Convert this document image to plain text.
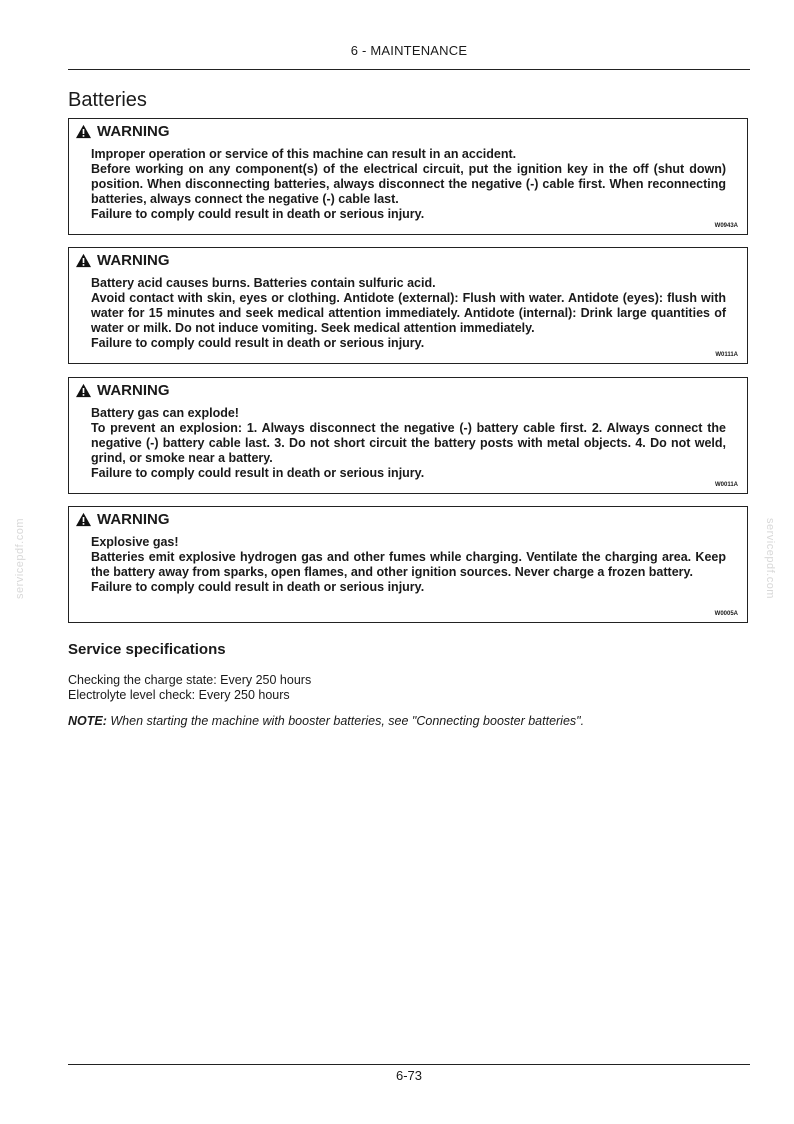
6 - MAINTENANCE
Batteries
WARNING

Improper operation or service of this machine can result in an accident.

Before working on any component(s) of the electrical circuit, put the ignition key in the off (shut down) position. When disconnecting batteries, always disconnect the negative (-) cable first. When reconnecting batteries, always connect the negative (-) cable last.

Failure to comply could result in death or serious injury.

W0943A
WARNING

Battery acid causes burns. Batteries contain sulfuric acid.

Avoid contact with skin, eyes or clothing. Antidote (external): Flush with water. Antidote (eyes): flush with water for 15 minutes and seek medical attention immediately. Antidote (internal): Drink large quantities of water or milk. Do not induce vomiting. Seek medical attention immediately.

Failure to comply could result in death or serious injury.

W0111A
WARNING

Battery gas can explode!

To prevent an explosion: 1. Always disconnect the negative (-) battery cable first. 2. Always connect the negative (-) battery cable last. 3. Do not short circuit the battery posts with metal objects. 4. Do not weld, grind, or smoke near a battery.

Failure to comply could result in death or serious injury.

W0011A
WARNING

Explosive gas!

Batteries emit explosive hydrogen gas and other fumes while charging. Ventilate the charging area. Keep the battery away from sparks, open flames, and other ignition sources. Never charge a frozen battery.

Failure to comply could result in death or serious injury.

W0005A
Service specifications
Checking the charge state: Every 250 hours
Electrolyte level check: Every 250 hours
NOTE: When starting the machine with booster batteries, see "Connecting booster batteries".
servicepdf.com	servicepdf.com
6-73
